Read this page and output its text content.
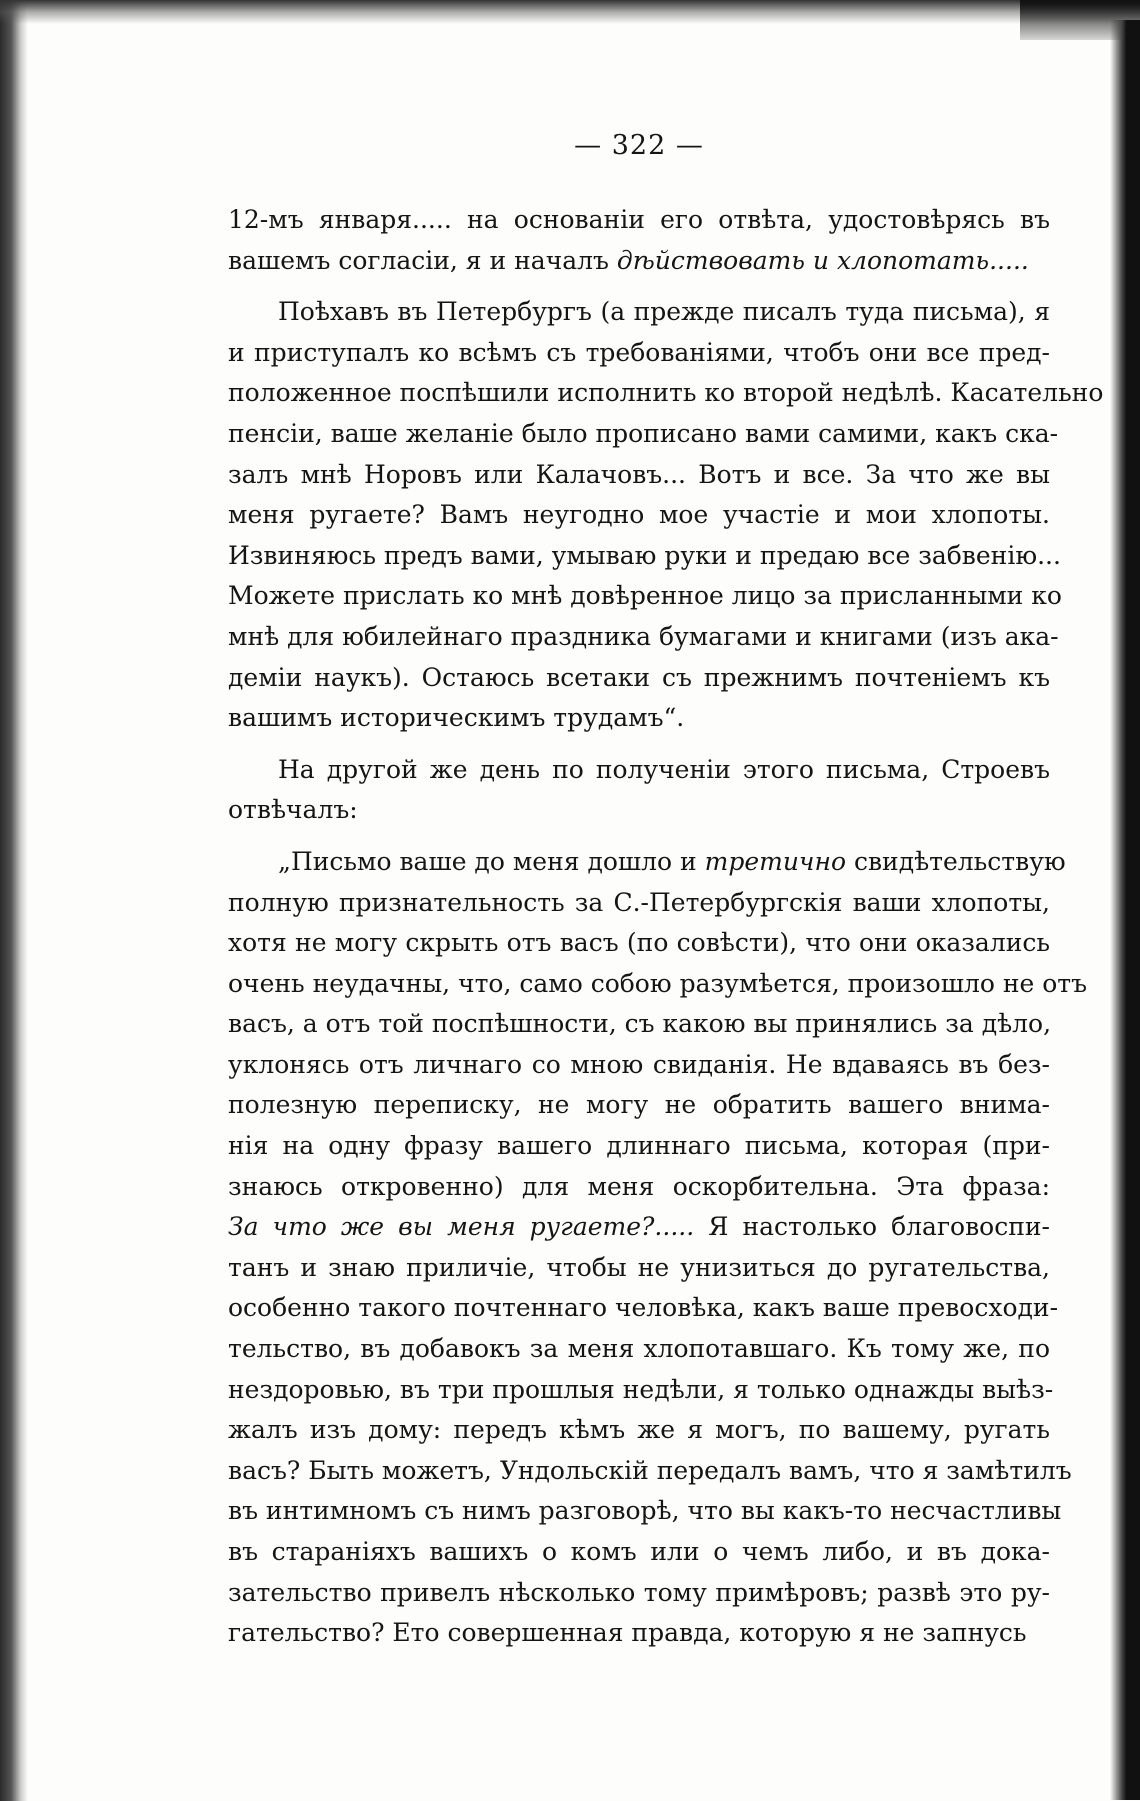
— 322 —
12-мъ января..... на основаніи его отвѣта, удостовѣрясь въ
вашемъ согласіи, я и началъ дѣйствовать и хлопотать.....
Поѣхавъ въ Петербургъ (а прежде писалъ туда письма), я
и приступалъ ко всѣмъ съ требованіями, чтобъ они все пред-
положенное поспѣшили исполнить ко второй недѣлѣ. Касательно
пенсіи, ваше желаніе было прописано вами самими, какъ ска-
залъ мнѣ Норовъ или Калачовъ... Вотъ и все. За что же вы
меня ругаете? Вамъ неугодно мое участіе и мои хлопоты.
Извиняюсь предъ вами, умываю руки и предаю все забвенію...
Можете прислать ко мнѣ довѣренное лицо за присланными ко
мнѣ для юбилейнаго праздника бумагами и книгами (изъ ака-
деміи наукъ). Остаюсь всетаки съ прежнимъ почтеніемъ къ
вашимъ историческимъ трудамъ“.
На другой же день по полученіи этого письма, Строевъ
отвѣчалъ:
„Письмо ваше до меня дошло и третично свидѣтельствую
полную признательность за С.-Петербургскія ваши хлопоты,
хотя не могу скрыть отъ васъ (по совѣсти), что они оказались
очень неудачны, что, само собою разумѣется, произошло не отъ
васъ, а отъ той поспѣшности, съ какою вы принялись за дѣло,
уклонясь отъ личнаго со мною свиданія. Не вдаваясь въ без-
полезную переписку, не могу не обратить вашего внима-
нія на одну фразу вашего длиннаго письма, которая (при-
знаюсь откровенно) для меня оскорбительна. Эта фраза:
За что же вы меня ругаете?..... Я настолько благовоспи-
танъ и знаю приличіе, чтобы не унизиться до ругательства,
особенно такого почтеннаго человѣка, какъ ваше превосходи-
тельство, въ добавокъ за меня хлопотавшаго. Къ тому же, по
нездоровью, въ три прошлыя недѣли, я только однажды выѣз-
жалъ изъ дому: передъ кѣмъ же я могъ, по вашему, ругать
васъ? Быть можетъ, Ундольскій передалъ вамъ, что я замѣтилъ
въ интимномъ съ нимъ разговорѣ, что вы какъ-то несчастливы
въ стараніяхъ вашихъ о комъ или о чемъ либо, и въ дока-
зательство привелъ нѣсколько тому примѣровъ; развѣ это ру-
гательство? Ето совершенная правда, которую я не запнусь
